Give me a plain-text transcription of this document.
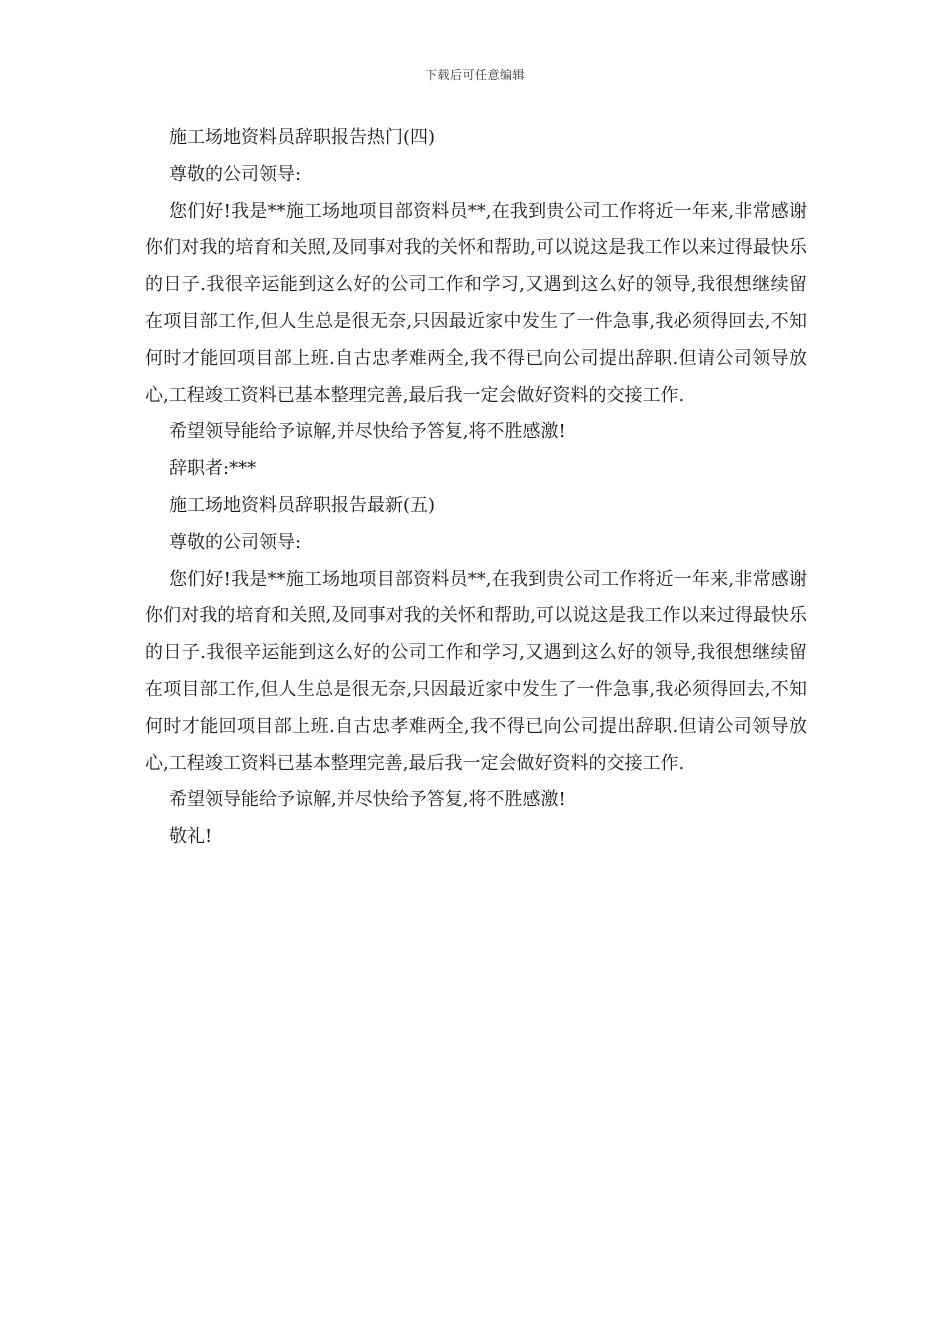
下载后可任意编辑

施工场地资料员辞职报告热门(四)

尊敬的公司领导:

您们好!我是**施工场地项目部资料员**,在我到贵公司工作将近一年来,非常感谢你们对我的培育和关照,及同事对我的关怀和帮助,可以说这是我工作以来过得最快乐的日子.我很辛运能到这么好的公司工作和学习,又遇到这么好的领导,我很想继续留在项目部工作,但人生总是很无奈,只因最近家中发生了一件急事,我必须得回去,不知何时才能回项目部上班.自古忠孝难两全,我不得已向公司提出辞职.但请公司领导放心,工程竣工资料已基本整理完善,最后我一定会做好资料的交接工作.

希望领导能给予谅解,并尽快给予答复,将不胜感激!

辞职者:***

施工场地资料员辞职报告最新(五)

尊敬的公司领导:

您们好!我是**施工场地项目部资料员**,在我到贵公司工作将近一年来,非常感谢你们对我的培育和关照,及同事对我的关怀和帮助,可以说这是我工作以来过得最快乐的日子.我很辛运能到这么好的公司工作和学习,又遇到这么好的领导,我很想继续留在项目部工作,但人生总是很无奈,只因最近家中发生了一件急事,我必须得回去,不知何时才能回项目部上班.自古忠孝难两全,我不得已向公司提出辞职.但请公司领导放心,工程竣工资料已基本整理完善,最后我一定会做好资料的交接工作.

希望领导能给予谅解,并尽快给予答复,将不胜感激!

敬礼!
